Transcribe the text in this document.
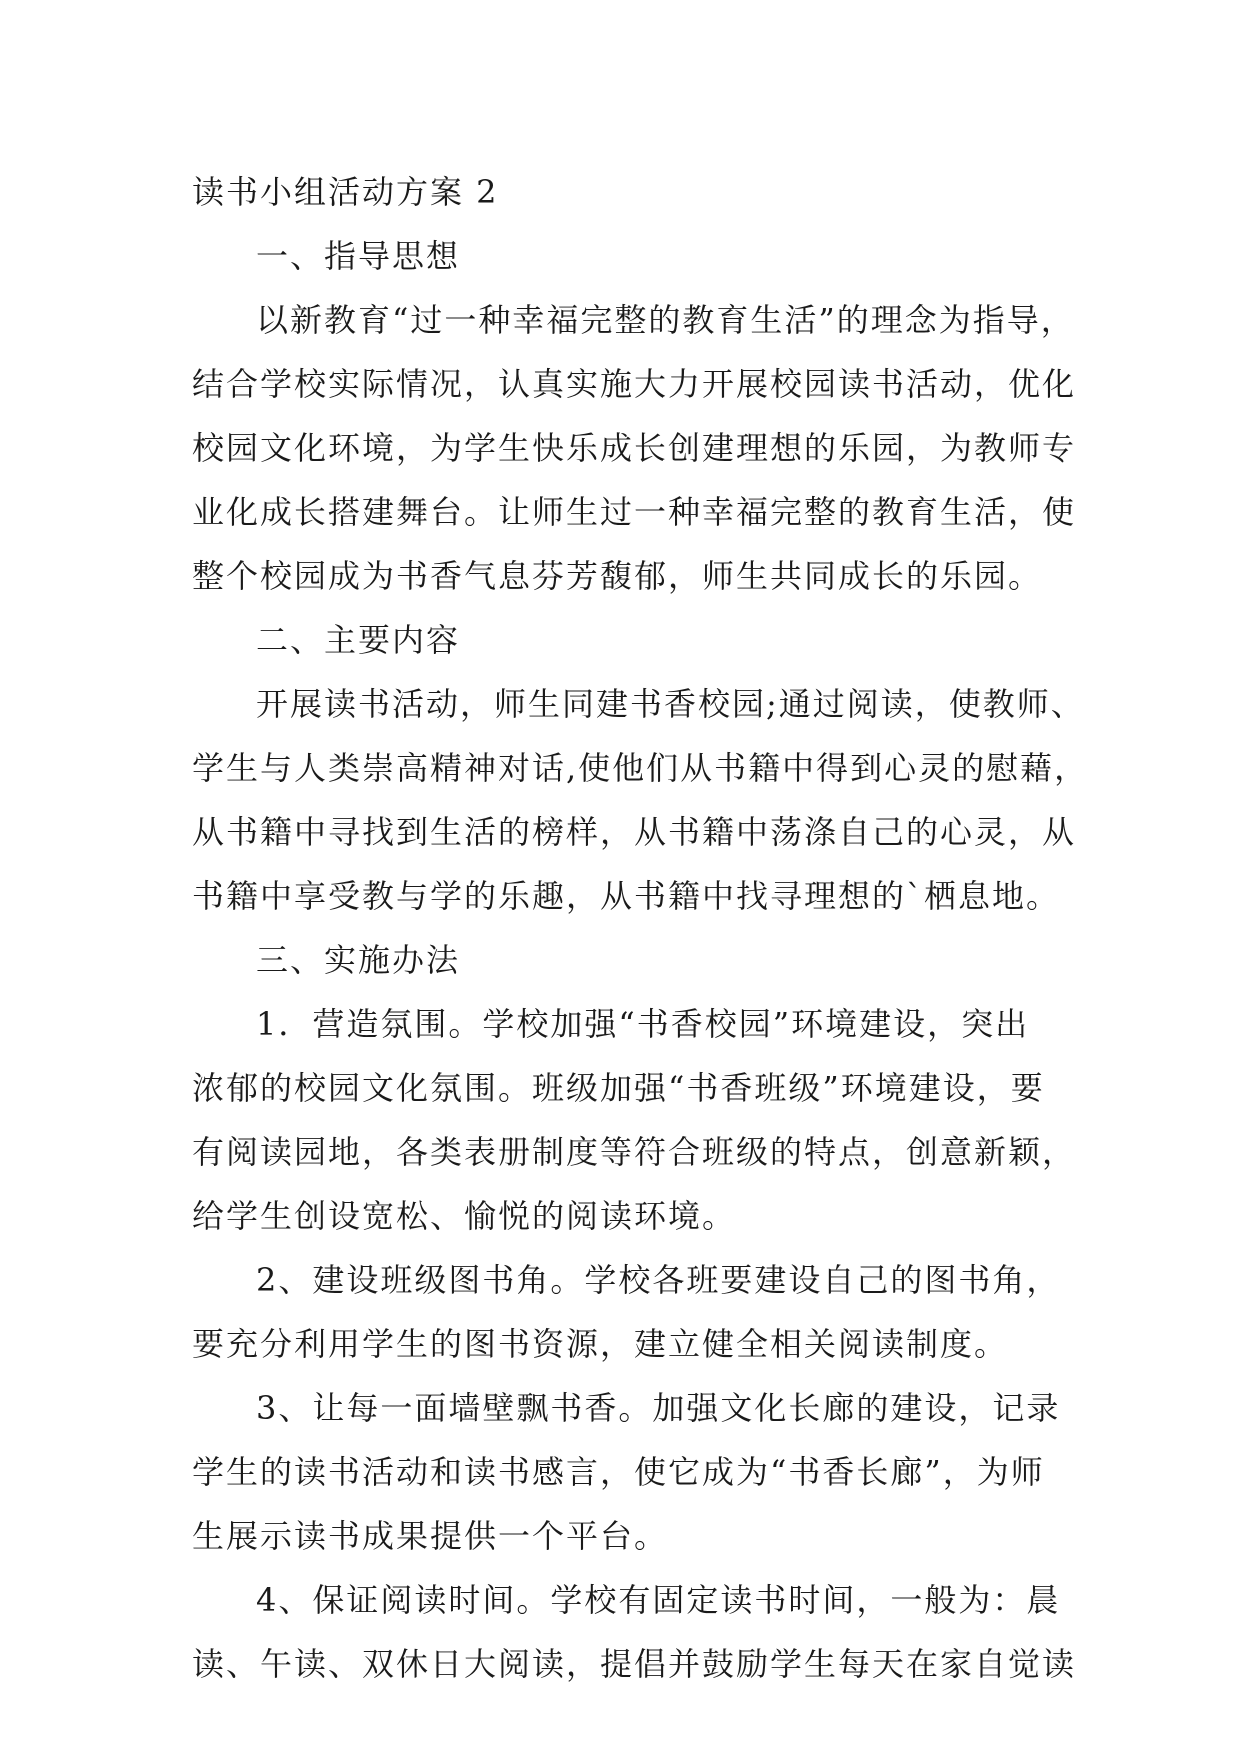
读书小组活动方案 2
一、指导思想
以新教育“过一种幸福完整的教育生活”的理念为指导，
结合学校实际情况，认真实施大力开展校园读书活动，优化
校园文化环境，为学生快乐成长创建理想的乐园，为教师专
业化成长搭建舞台。让师生过一种幸福完整的教育生活，使
整个校园成为书香气息芬芳馥郁，师生共同成长的乐园。
二、主要内容
开展读书活动，师生同建书香校园;通过阅读，使教师、
学生与人类崇高精神对话,使他们从书籍中得到心灵的慰藉，
从书籍中寻找到生活的榜样，从书籍中荡涤自己的心灵，从
书籍中享受教与学的乐趣，从书籍中找寻理想的`栖息地。
三、实施办法
1．营造氛围。学校加强“书香校园”环境建设，突出
浓郁的校园文化氛围。班级加强“书香班级”环境建设，要
有阅读园地，各类表册制度等符合班级的特点，创意新颖，
给学生创设宽松、愉悦的阅读环境。
2、建设班级图书角。学校各班要建设自己的图书角，
要充分利用学生的图书资源，建立健全相关阅读制度。
3、让每一面墙壁飘书香。加强文化长廊的建设，记录
学生的读书活动和读书感言，使它成为“书香长廊”，为师
生展示读书成果提供一个平台。
4、保证阅读时间。学校有固定读书时间，一般为：晨
读、午读、双休日大阅读，提倡并鼓励学生每天在家自觉读
